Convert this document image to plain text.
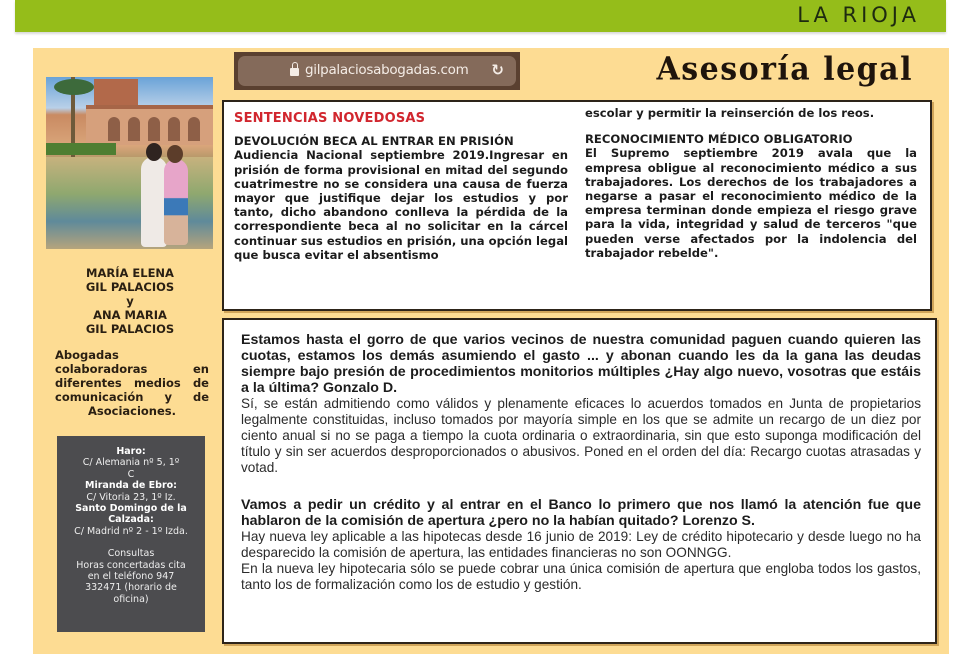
LA RIOJA
MARÍA ELENA
GIL PALACIOS
y
ANA MARIA
GIL PALACIOS
Abogadas colaboradoras en diferentes medios de comunicación y de Asociaciones.
Haro:
C/ Alemania nº 5, 1º C
Miranda de Ebro:
C/ Vitoria 23, 1º Iz.
Santo Domingo de la Calzada:
C/ Madrid nº 2 - 1º Izda.
Consultas
Horas concertadas cita en el teléfono 947 332471 (horario de oficina)
gilpalaciosabogadas.com ↻	Asesoría legal
SENTENCIAS NOVEDOSAS
DEVOLUCIÓN BECA AL ENTRAR EN PRISIÓN
Audiencia Nacional septiembre 2019.Ingresar en prisión de forma provisional en mitad del segundo cuatrimestre no se considera una causa de fuerza mayor que justifique dejar los estudios y por tanto, dicho abandono conlleva la pérdida de la correspondiente beca al no solicitar en la cárcel continuar sus estudios en prisión, una opción legal que busca evitar el absentismo
escolar y permitir la reinserción de los reos.
RECONOCIMIENTO MÉDICO OBLIGATORIO
El Supremo septiembre 2019 avala que la empresa obligue al reconocimiento médico a sus trabajadores. Los derechos de los trabajadores a negarse a pasar el reconocimiento médico de la empresa terminan donde empieza el riesgo grave para la vida, integridad y salud de terceros "que pueden verse afectados por la indolencia del trabajador rebelde".
Estamos hasta el gorro de que varios vecinos de nuestra comunidad paguen cuando quieren las cuotas, estamos los demás asumiendo el gasto ... y abonan cuando les da la gana las deudas siempre bajo presión de procedimientos monitorios múltiples ¿Hay algo nuevo, vosotras que estáis a la última? Gonzalo D.
Sí, se están admitiendo como válidos y plenamente eficaces lo acuerdos tomados en Junta de propietarios legalmente constituidas, incluso tomados por mayoría simple en los que se admite un recargo de un diez por ciento anual si no se paga a tiempo la cuota ordinaria o extraordinaria, sin que esto suponga modificación del título y sin ser acuerdos desproporcionados o abusivos. Poned en el orden del día: Recargo cuotas atrasadas y votad.
Vamos a pedir un crédito y al entrar en el Banco lo primero que nos llamó la atención fue que hablaron de la comisión de apertura ¿pero no la habían quitado? Lorenzo S.
Hay nueva ley aplicable a las hipotecas desde 16 junio de 2019: Ley de crédito hipotecario y desde luego no ha desparecido la comisión de apertura, las entidades financieras no son OONNGG.
En la nueva ley hipotecaria sólo se puede cobrar una única comisión de apertura que engloba todos los gastos, tanto los de formalización como los de estudio y gestión.
